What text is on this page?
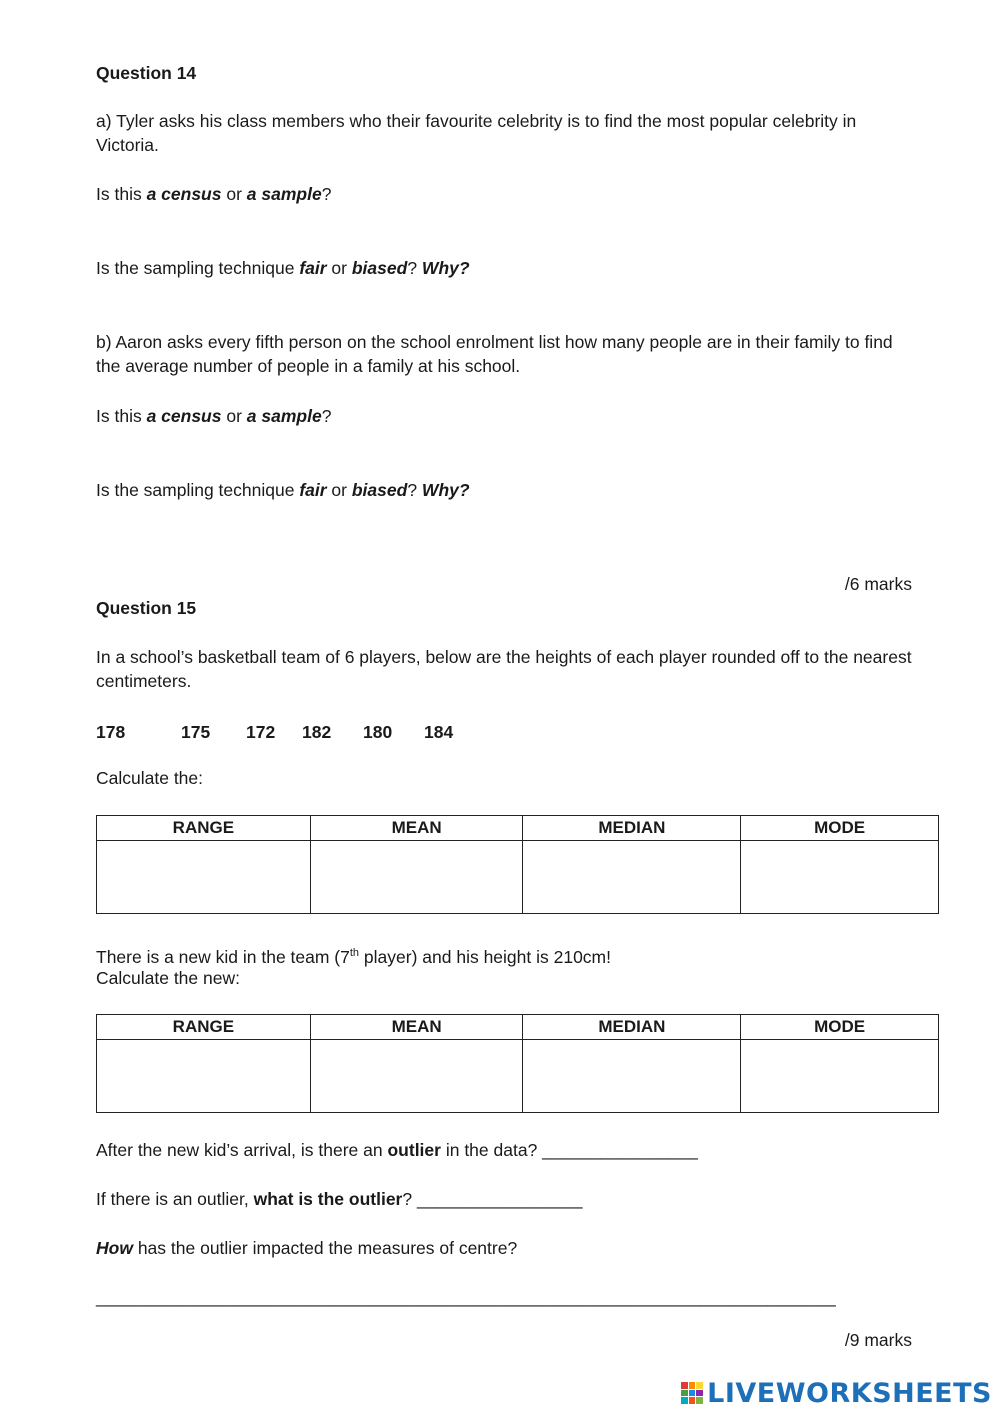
Question 14
a) Tyler asks his class members who their favourite celebrity is to find the most popular celebrity in Victoria.
Is this a census or a sample?
Is the sampling technique fair or biased? Why?
b) Aaron asks every fifth person on the school enrolment list how many people are in their family to find the average number of people in a family at his school.
Is this a census or a sample?
Is the sampling technique fair or biased? Why?
/6 marks
Question 15
In a school’s basketball team of 6 players, below are the heights of each player rounded off to the nearest centimeters.
178	175 172 182 180 184
Calculate the:
RANGE	MEAN	MEDIAN	MODE

There is a new kid in the team (7th player) and his height is 210cm!
Calculate the new:
RANGE	MEAN	MEDIAN	MODE

After the new kid’s arrival, is there an outlier in the data? ________________
If there is an outlier, what is the outlier? _________________
How has the outlier impacted the measures of centre?
____________________________________________________________________________
/9 marks
LIVEWORKSHEETS
